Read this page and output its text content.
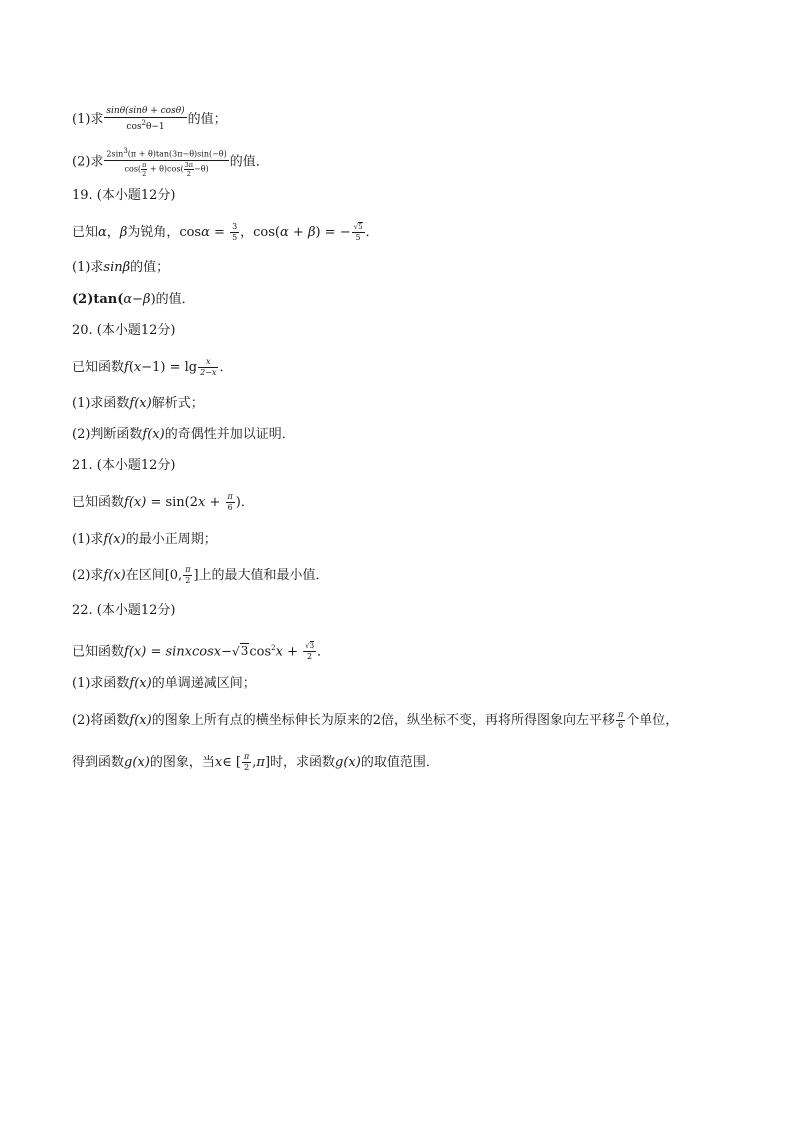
(1)求 $\frac{\sin\theta(\sin\theta + \cos\theta)}{\cos^2\theta-1}$ 的值；
(2)求 $\frac{2\sin^3(\pi + \theta)\tan(3\pi-\theta)\sin(-\theta)}{\cos( \frac{\pi}{2} + \theta)\cos( \frac{3\pi}{2} -\theta)}$ 的值．
19. (本小题12分)
已知α，β为锐角，$\cos\alpha = \frac{3}{5}$ ，cos(α + β) = − $\frac{√5}{5}$ ．
(1)求sinβ的值；
(2)tan(α−β)的值．
20. (本小题12分)
已知函数$f(x-1) = \lg \frac{x}{2-x}$ ．
(1)求函数f(x)解析式；
(2)判断函数f(x)的奇偶性并加以证明．
21. (本小题12分)
已知函数$f(x) = \sin(2x + \frac{\pi}{6}$ )．
(1)求f(x)的最小正周期；
(2)求f(x)在区间[0, $\frac{\pi}{2}$ ]上的最大值和最小值．
22. (本小题12分)
已知函数$f(x) = sinxcosx-√3\cos^2x + \frac{√3}{2}$ ．
(1)求函数f(x)的单调递减区间；
(2)将函数f(x)的图象上所有点的横坐标伸长为原来的2倍，纵坐标不变，再将所得图象向左平移 $\frac{\pi}{6}$ 个单位，
得到函数g(x)的图象，当x∈ [ $\frac{\pi}{2} ,\pi$]时，求函数g(x)的取值范围．
